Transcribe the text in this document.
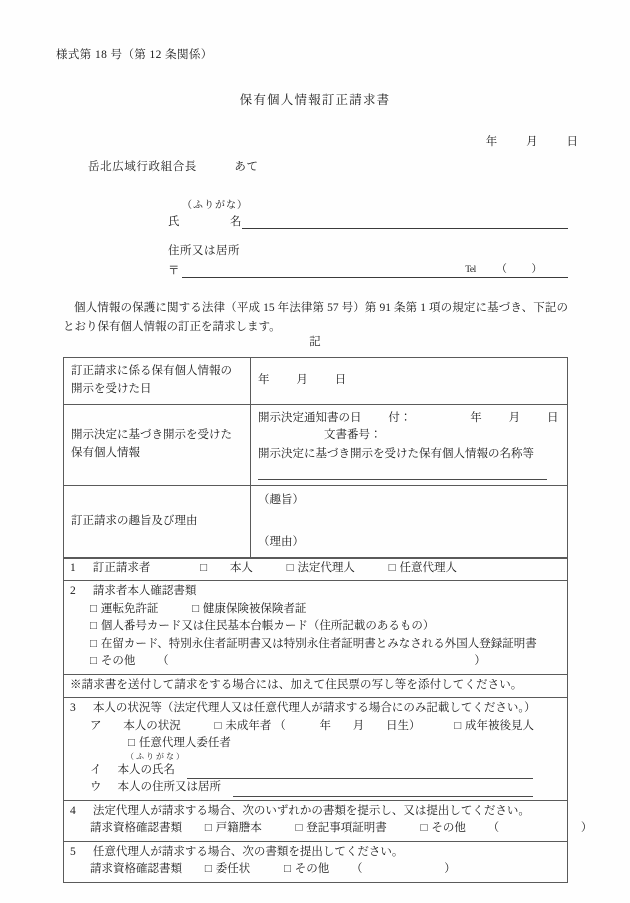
様式第 18 号（第 12 条関係）
保有個人情報訂正請求書
年	月	日
岳北広域行政組合長	あて
（ふりがな）
氏	名
住所又は居所
〒	Tel （ ）
個人情報の保護に関する法律（平成 15 年法律第 57 号）第 91 条第 1 項の規定に基づき、下記のとおり保有個人情報の訂正を請求します。
記
訂正請求に係る保有個人情報の開示を受けた日	年 月 日
開示決定に基づき開示を受けた保有個人情報	開示決定通知書の日 付： 年 月 日
文書番号：
開示決定に基づき開示を受けた保有個人情報の名称等

訂正請求の趣旨及び理由	（趣旨）
（理由）
1 訂正請求者	□ 本人	□ 法定代理人	□ 任意代理人

2 請求者本人確認書類
□ 運転免許証	□ 健康保険被保険者証
□ 個人番号カード又は住民基本台帳カード（住所記載のあるもの）
□ 在留カード、特別永住者証明書又は特別永住者証明書とみなされる外国人登録証明書
□ その他 （	）

※請求書を送付して請求をする場合には、加えて住民票の写し等を添付してください。

3 本人の状況等（法定代理人又は任意代理人が請求する場合にのみ記載してください。）
ア 本人の状況	□ 未成年者 （	年 月 日生）	□ 成年被後見人
□ 任意代理人委任者
（ふりがな）
イ 本人の氏名
ウ 本人の住所又は居所

4 法定代理人が請求する場合、次のいずれかの書類を提示し、又は提出してください。
請求資格確認書類 □ 戸籍謄本	□ 登記事項証明書	□ その他 （	）

5 任意代理人が請求する場合、次の書類を提出してください。
請求資格確認書類 □ 委任状	□ その他 （	）
